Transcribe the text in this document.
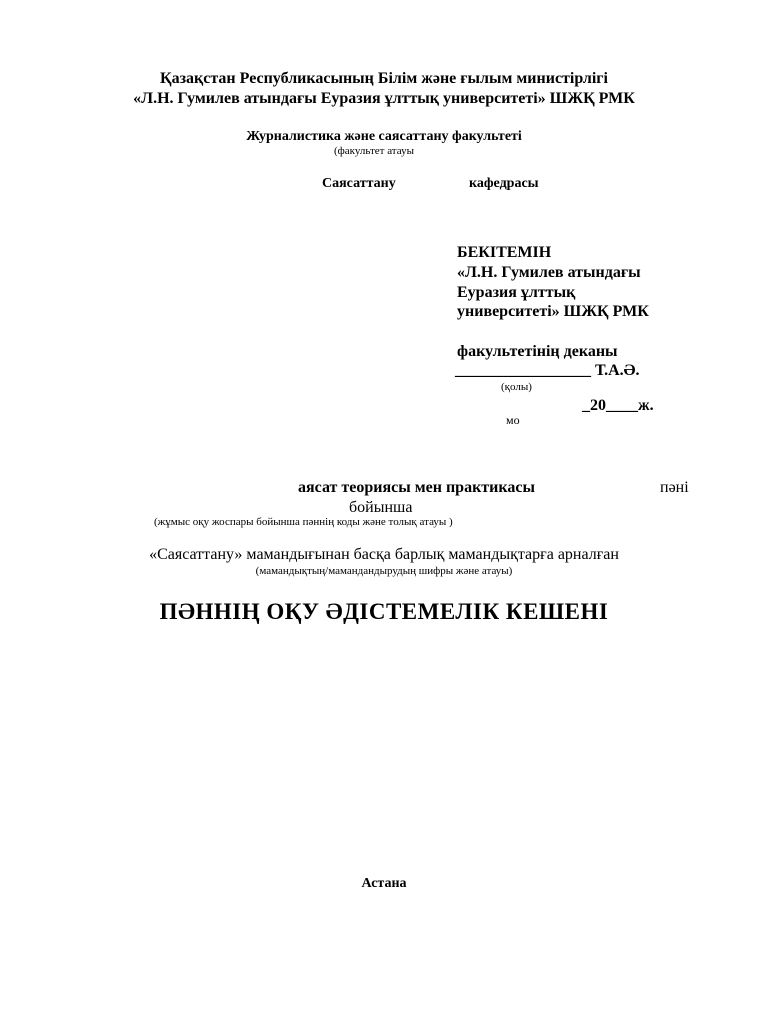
Қазақстан Республикасының Білім және ғылым министірлігі
«Л.Н. Гумилев атындағы Еуразия ұлттық университеті» ШЖҚ РМК
Журналистика және саясаттану факультеті
(факультет атауы
Саясаттану	кафедрасы
БЕКІТЕМІН
«Л.Н. Гумилев атындағы
Еуразия ұлттық
университеті» ШЖҚ РМК
факультетінің деканы
_________________ Т.А.Ә.
(қолы)
_20____ж.
мо
аясат теориясы мен практикасы	пәні
бойынша
(жұмыс оқу жоспары бойынша пәннің коды және толық атауы )
«Саясаттану» мамандығынан басқа барлық мамандықтарға арналған
(мамандықтың/мамандандырудың шифры және атауы)
ПӘННІҢ ОҚУ ӘДІСТЕМЕЛІК КЕШЕНІ
Астана
